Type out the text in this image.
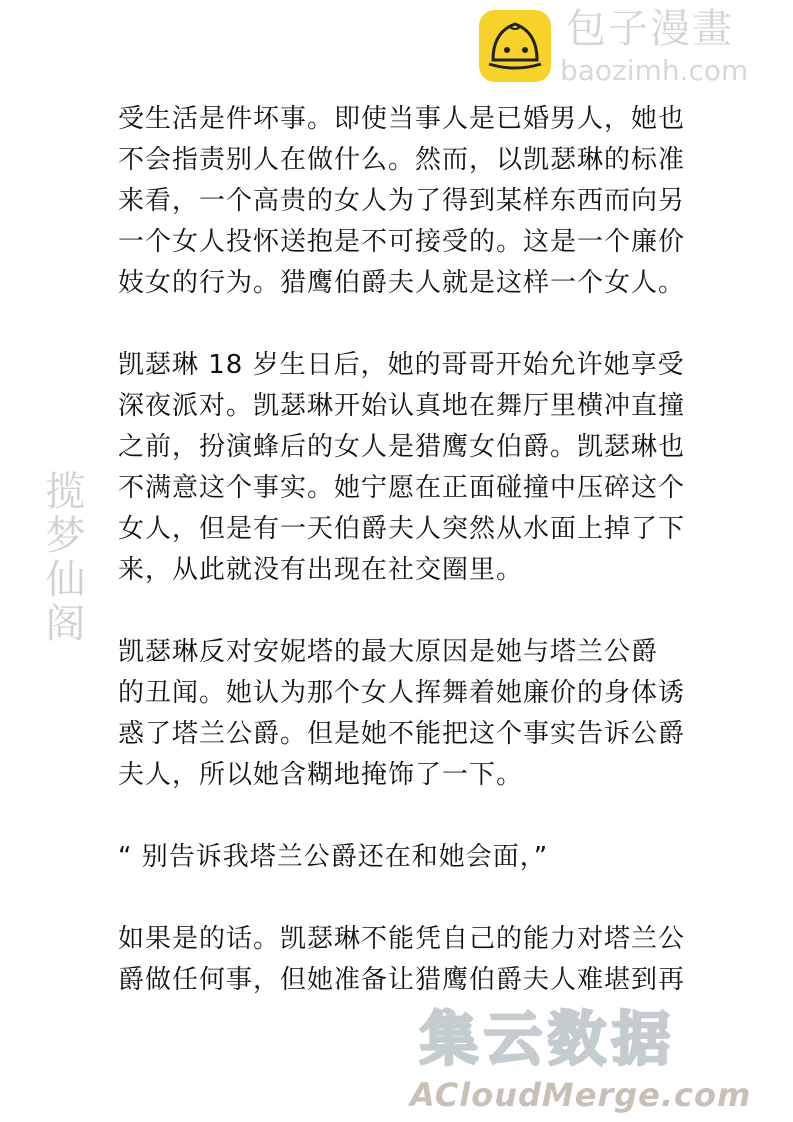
揽梦仙阁
包子漫畫
baozimh.com
受生活是件坏事。即使当事人是已婚男人，她也
不会指责别人在做什么。然而，以凯瑟琳的标准
来看，一个高贵的女人为了得到某样东西而向另
一个女人投怀送抱是不可接受的。这是一个廉价
妓女的行为。猎鹰伯爵夫人就是这样一个女人。
凯瑟琳 18 岁生日后，她的哥哥开始允许她享受
深夜派对。凯瑟琳开始认真地在舞厅里横冲直撞
之前，扮演蜂后的女人是猎鹰女伯爵。凯瑟琳也
不满意这个事实。她宁愿在正面碰撞中压碎这个
女人，但是有一天伯爵夫人突然从水面上掉了下
来，从此就没有出现在社交圈里。
凯瑟琳反对安妮塔的最大原因是她与塔兰公爵
的丑闻。她认为那个女人挥舞着她廉价的身体诱
惑了塔兰公爵。但是她不能把这个事实告诉公爵
夫人，所以她含糊地掩饰了一下。
“ 别告诉我塔兰公爵还在和她会面，”
如果是的话。凯瑟琳不能凭自己的能力对塔兰公
爵做任何事，但她准备让猎鹰伯爵夫人难堪到再
集云数据
ACloudMerge.com
